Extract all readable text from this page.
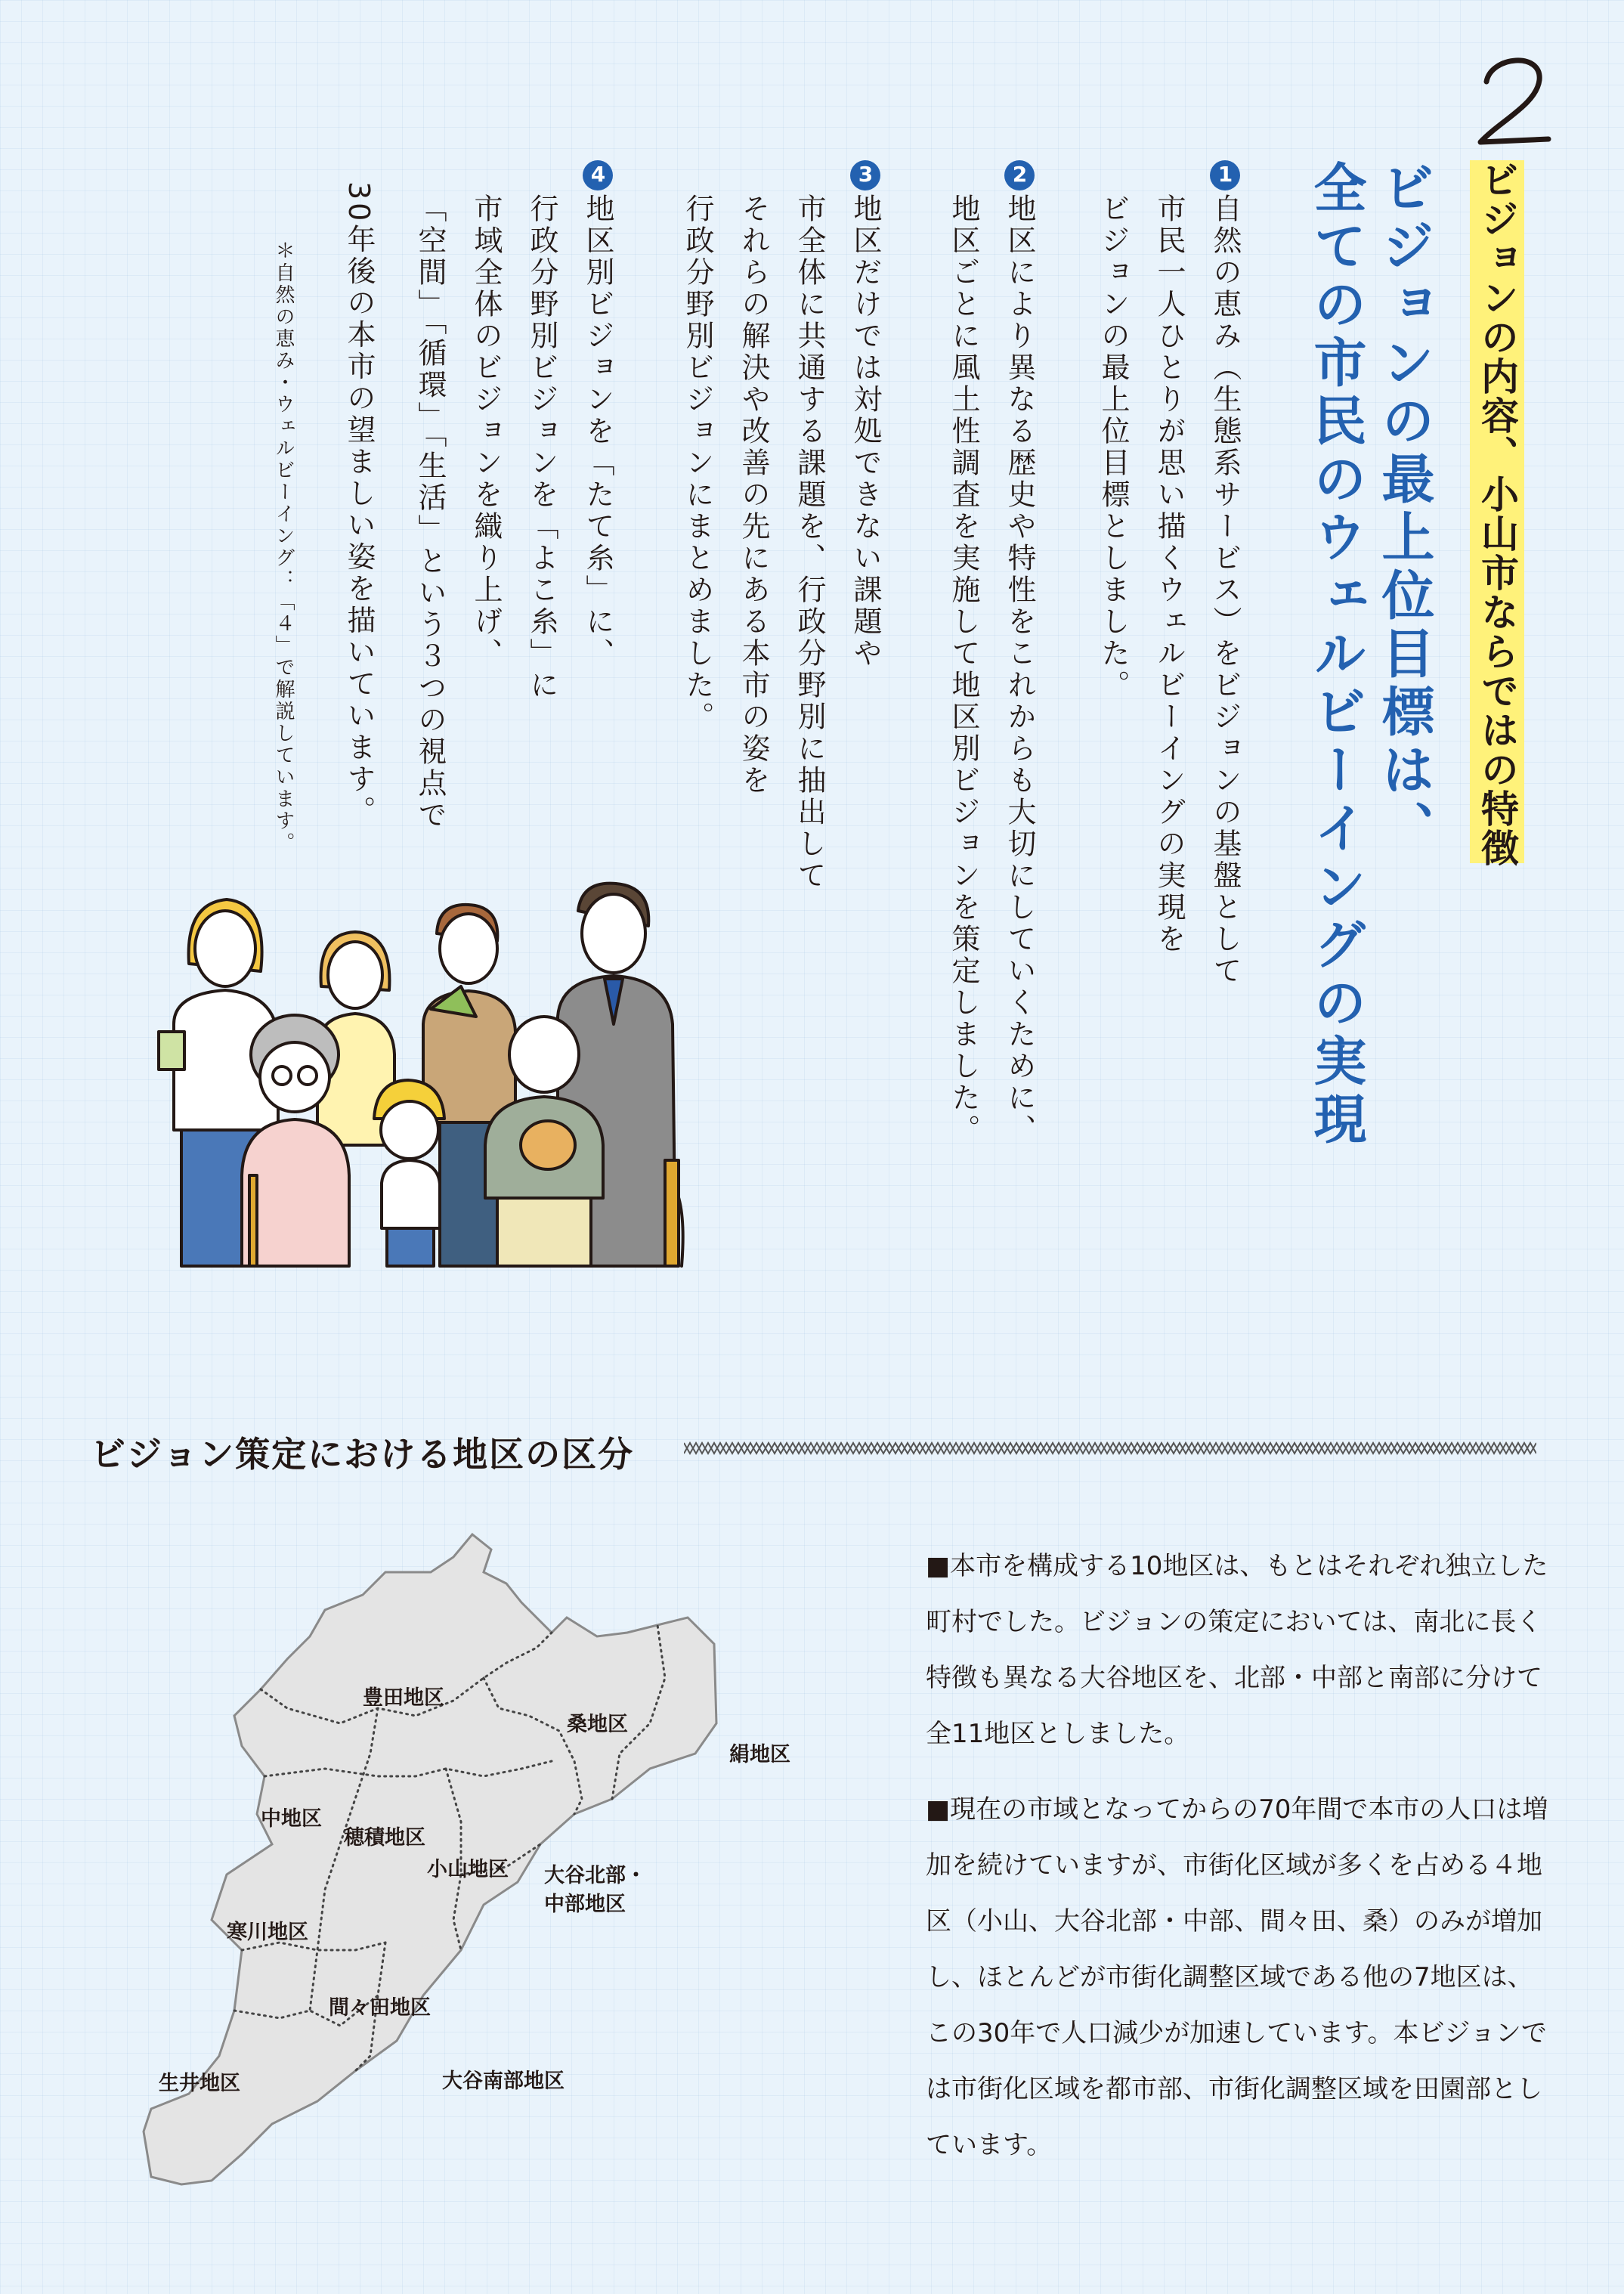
2
ビジョンの内容、小山市ならではの特徴
ビジョンの最上位目標は、
全ての市民のウェルビーイングの実現
1自然の恵み（生態系サービス）をビジョンの基盤として
市民一人ひとりが思い描くウェルビーイングの実現を
ビジョンの最上位目標としました。
2地区により異なる歴史や特性をこれからも大切にしていくために、
地区ごとに風土性調査を実施して地区別ビジョンを策定しました。
3地区だけでは対処できない課題や
市全体に共通する課題を、行政分野別に抽出して
それらの解決や改善の先にある本市の姿を
行政分野別ビジョンにまとめました。
4地区別ビジョンを「たて糸」に、
行政分野別ビジョンを「よこ糸」に
市域全体のビジョンを織り上げ、
「空間」「循環」「生活」という３つの視点で
30年後の本市の望ましい姿を描いています。
＊自然の恵み・ウェルビーイング：「４」で解説しています。
ビジョン策定における地区の区分
豊田地区
桑地区
絹地区
中地区
穂積地区
小山地区 大谷北部・
中部地区
寒川地区
間々田地区
生井地区	大谷南部地区

■本市を構成する10地区は、もとはそれぞれ独立した町村でした。ビジョンの策定においては、南北に長く特徴も異なる大谷地区を、北部・中部と南部に分けて全11地区としました。

■現在の市域となってからの70年間で本市の人口は増加を続けていますが、市街化区域が多くを占める４地区（小山、大谷北部・中部、間々田、桑）のみが増加し、ほとんどが市街化調整区域である他の7地区は、この30年で人口減少が加速しています。本ビジョンでは市街化区域を都市部、市街化調整区域を田園部としています。
